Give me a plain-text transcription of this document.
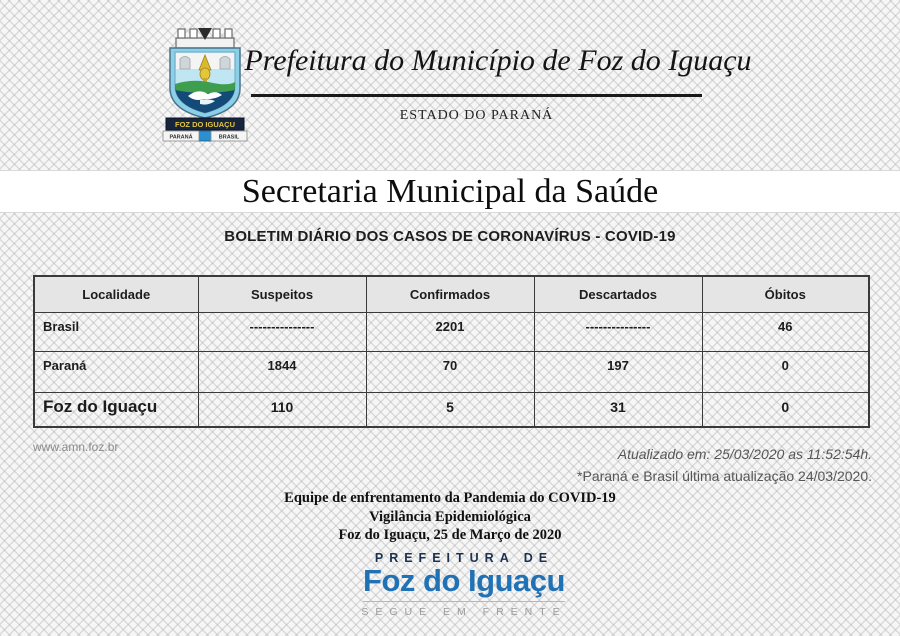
FOZ DO IGUAÇU
PARANÁ	BRASIL
Prefeitura do Município de Foz do Iguaçu
ESTADO DO PARANÁ
Secretaria Municipal da Saúde
BOLETIM DIÁRIO DOS CASOS DE CORONAVÍRUS - COVID-19
Localidade	Suspeitos	Confirmados	Descartados	Óbitos
Brasil	---------------	2201	---------------	46
Paraná	1844	70	197	0
Foz do Iguaçu	110	5	31	0
www.amn.foz.br	Atualizado em: 25/03/2020 as 11:52:54h.
*Paraná e Brasil última atualização 24/03/2020.
Equipe de enfrentamento da Pandemia do COVID-19
Vigilância Epidemiológica
Foz do Iguaçu, 25 de Março de 2020
PREFEITURA DE
Foz do Iguaçu
SEGUE EM FRENTE
